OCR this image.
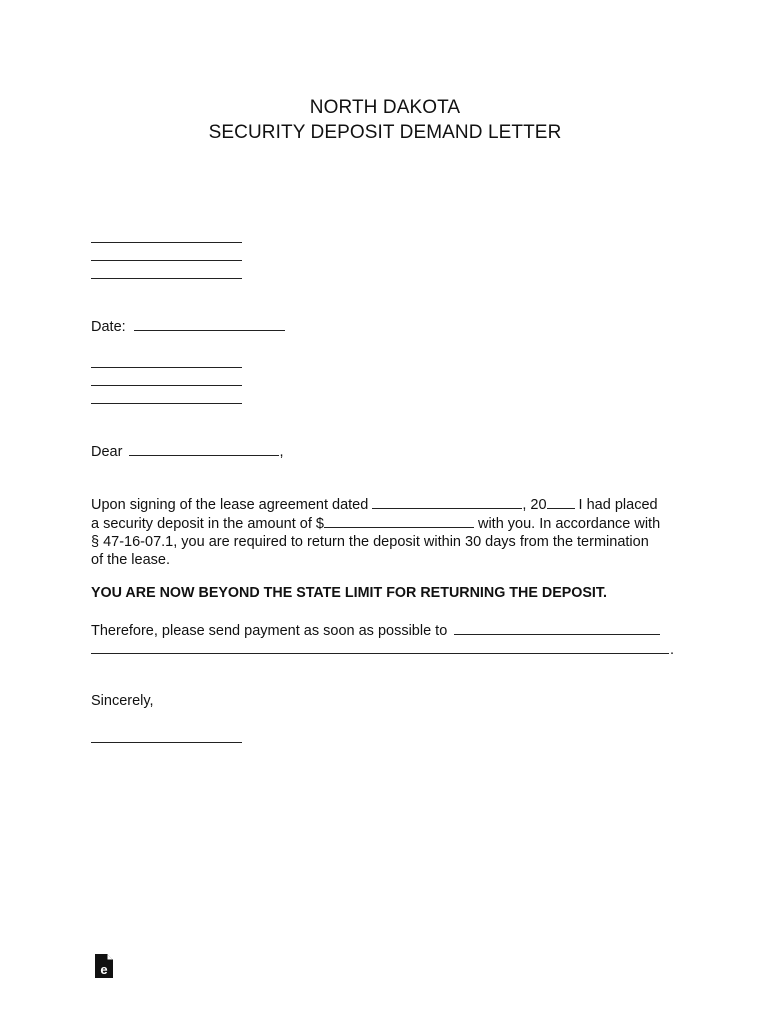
NORTH DAKOTA
SECURITY DEPOSIT DEMAND LETTER
Date:
Dear	,
Upon signing of the lease agreement dated	, 20 I had placed
a security deposit in the amount of $	with you. In accordance with
§ 47-16-07.1, you are required to return the deposit within 30 days from the termination
of the lease.
YOU ARE NOW BEYOND THE STATE LIMIT FOR RETURNING THE DEPOSIT.
Therefore, please send payment as soon as possible to
.
Sincerely,
e
